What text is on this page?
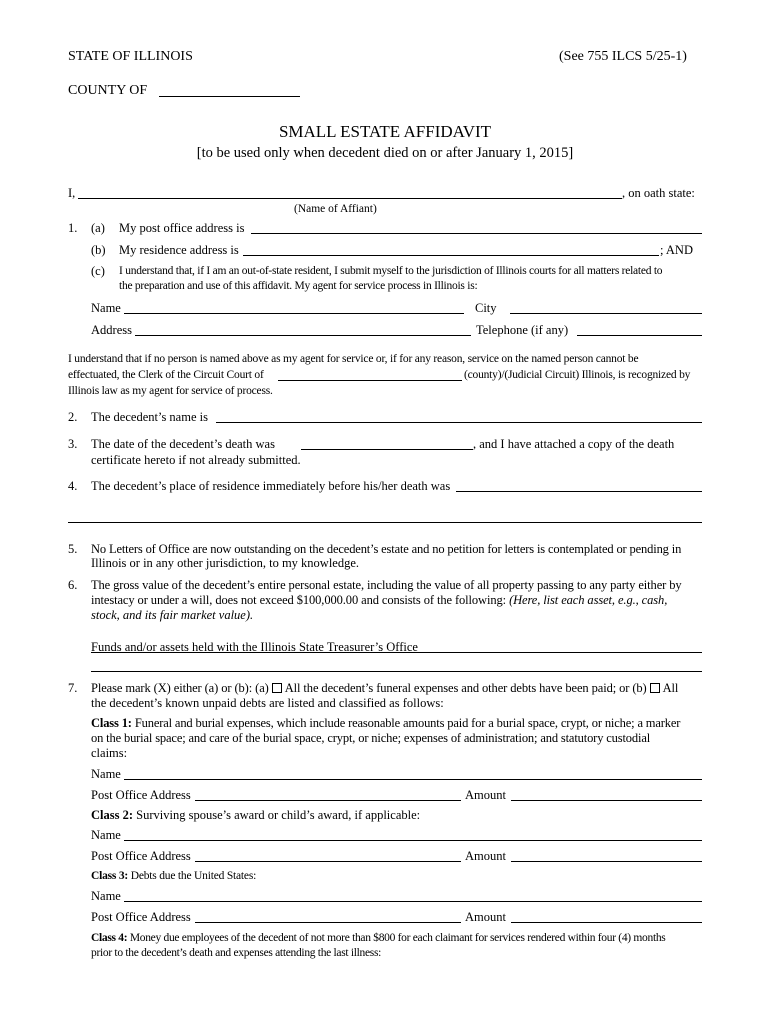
STATE OF ILLINOIS	(See 755 ILCS 5/25-1)
COUNTY OF
SMALL ESTATE AFFIDAVIT
[to be used only when decedent died on or after January 1, 2015]
I,	, on oath state:
(Name of Affiant)
1. (a) My post office address is
(b) My residence address is	; AND
(c) I understand that, if I am an out-of-state resident, I submit myself to the jurisdiction of Illinois courts for all matters related to
the preparation and use of this affidavit. My agent for service process in Illinois is:
Name	City
Address	Telephone (if any)
I understand that if no person is named above as my agent for service or, if for any reason, service on the named person cannot be
effectuated, the Clerk of the Circuit Court of	(county)/(Judicial Circuit) Illinois, is recognized by
Illinois law as my agent for service of process.
2. The decedent’s name is
3. The date of the decedent’s death was	, and I have attached a copy of the death
certificate hereto if not already submitted.
4. The decedent’s place of residence immediately before his/her death was
5. No Letters of Office are now outstanding on the decedent’s estate and no petition for letters is contemplated or pending in
Illinois or in any other jurisdiction, to my knowledge.
6. The gross value of the decedent’s entire personal estate, including the value of all property passing to any party either by
intestacy or under a will, does not exceed $100,000.00 and consists of the following: (Here, list each asset, e.g., cash,
stock, and its fair market value).
Funds and/or assets held with the Illinois State Treasurer’s Office
7. Please mark (X) either (a) or (b): (a) All the decedent’s funeral expenses and other debts have been paid; or (b) All
the decedent’s known unpaid debts are listed and classified as follows:
Class 1: Funeral and burial expenses, which include reasonable amounts paid for a burial space, crypt, or niche; a marker
on the burial space; and care of the burial space, crypt, or niche; expenses of administration; and statutory custodial
claims:
Name
Post Office Address	Amount
Class 2: Surviving spouse’s award or child’s award, if applicable:
Name
Post Office Address	Amount
Class 3: Debts due the United States:
Name
Post Office Address	Amount
Class 4: Money due employees of the decedent of not more than $800 for each claimant for services rendered within four (4) months
prior to the decedent’s death and expenses attending the last illness:
